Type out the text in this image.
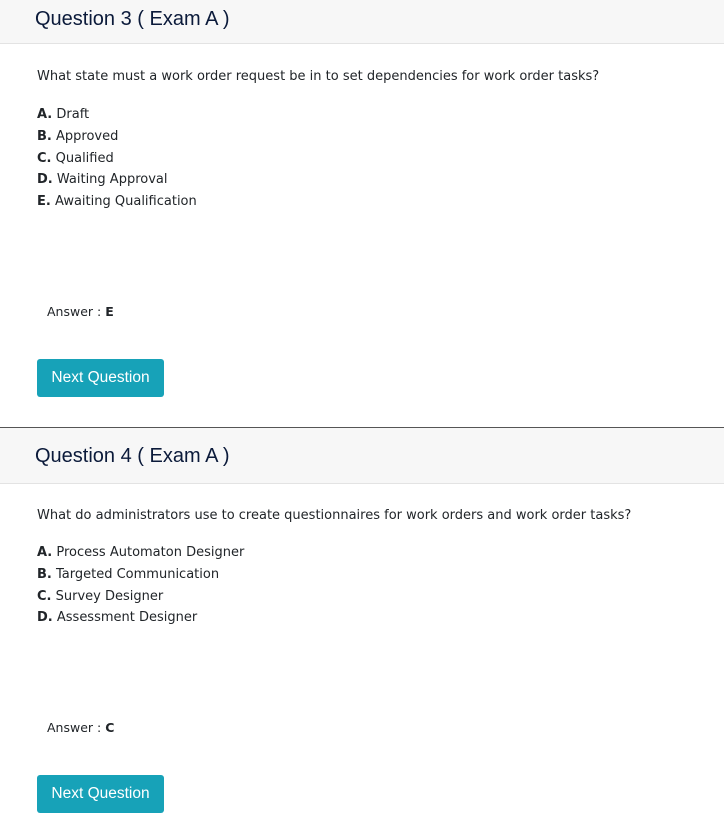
Question 3 ( Exam A )

What state must a work order request be in to set dependencies for work order tasks?

A. Draft
B. Approved
C. Qualified
D. Waiting Approval
E. Awaiting Qualification
Answer : E
Next Question
Question 4 ( Exam A )

What do administrators use to create questionnaires for work orders and work order tasks?

A. Process Automaton Designer
B. Targeted Communication
C. Survey Designer
D. Assessment Designer
Answer : C
Next Question
